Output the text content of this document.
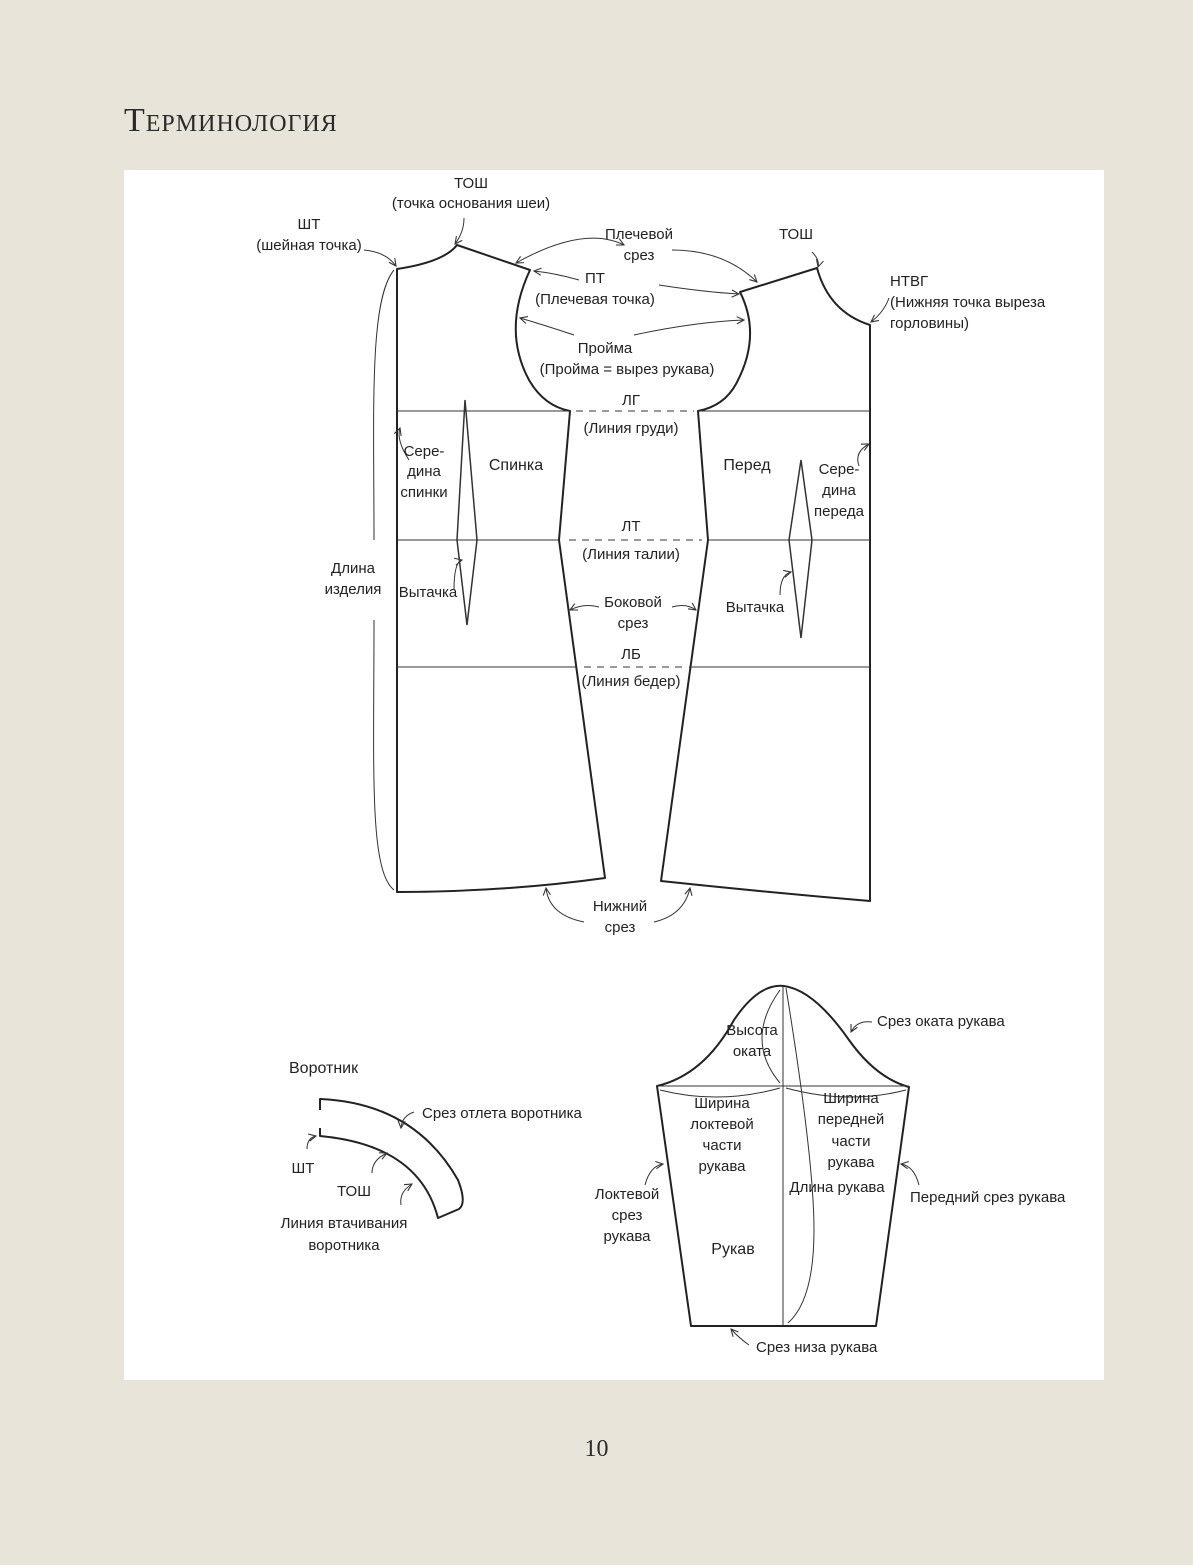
Терминология
ТОШ
(точка основания шеи)
ШТ
(шейная точка)
Плечевой
срез
ТОШ
ПТ
(Плечевая точка)
НТВГ
(Нижняя точка выреза
горловины)
Пройма
(Пройма = вырез рукава)
ЛГ
(Линия груди)
Сере-
дина
спинки
Спинка	Перед	Сере-
дина
переда
ЛТ
(Линия талии)
Длина
изделия Вытачка
Вытачка
Боковой
срез
ЛБ
(Линия бедер)
Нижний
срез
Воротник
Срез отлета воротника
ШТ
ТОШ
Линия втачивания
воротника
Срез оката рукава
Высота
оката
Ширина
локтевой
части
рукава
Ширина
передней
части
рукава
Длина рукава
Передний срез рукава
Локтевой
срез
рукава
Рукав
Срез низа рукава
10
